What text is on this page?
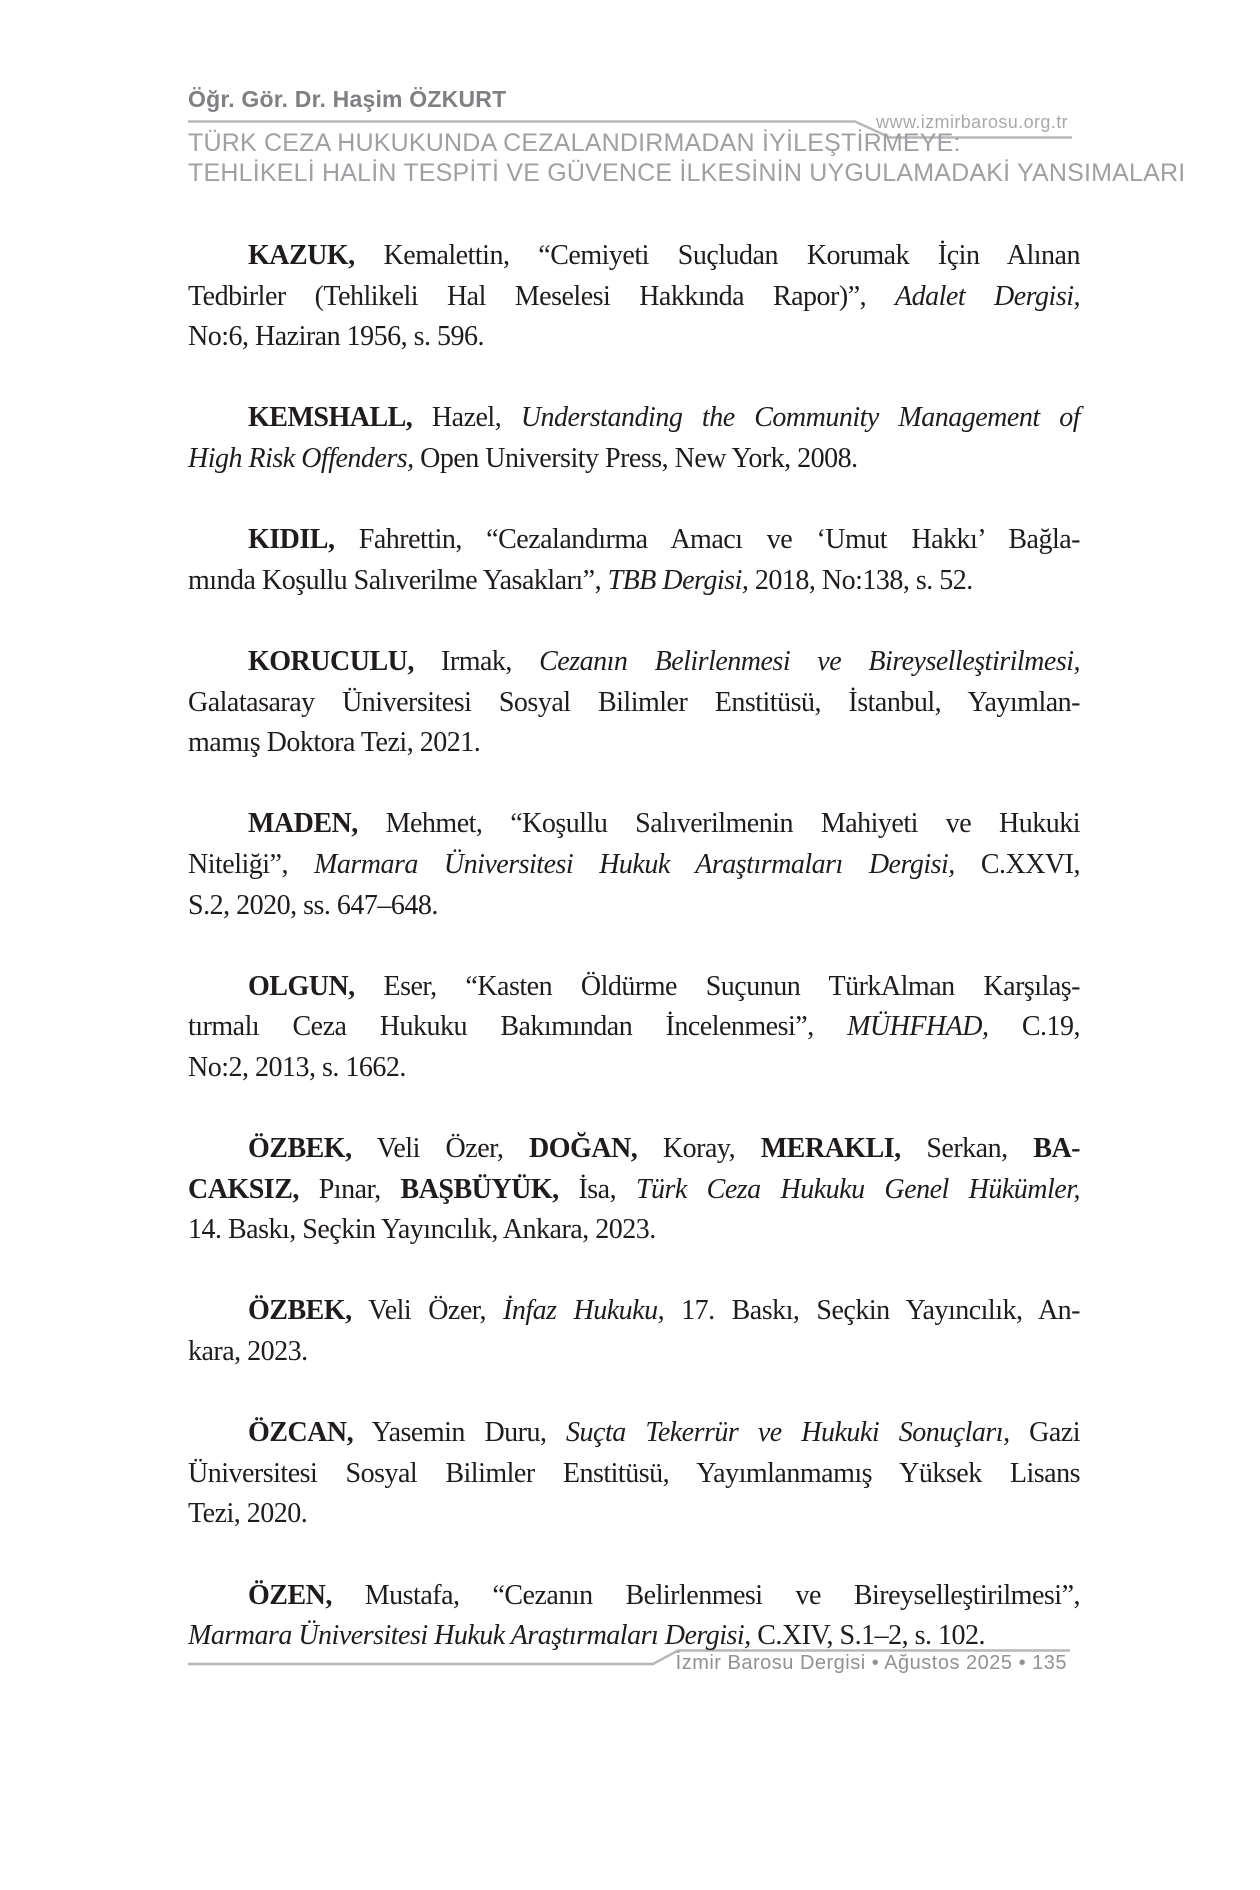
Öğr. Gör. Dr. Haşim ÖZKURT
www.izmirbarosu.org.tr
TÜRK CEZA HUKUKUNDA CEZALANDIRMADAN İYİLEŞTİRMEYE:
TEHLİKELİ HALİN TESPİTİ VE GÜVENCE İLKESİNİN UYGULAMADAKİ YANSIMALARI
KAZUK, Kemalettin, “Cemiyeti Suçludan Korumak İçin Alınan
Tedbirler (Tehlikeli Hal Meselesi Hakkında Rapor)”, Adalet Dergisi,
No:6, Haziran 1956, s. 596.
KEMSHALL, Hazel, Understanding the Community Management of
High Risk Offenders, Open University Press, New York, 2008.
KIDIL, Fahrettin, “Cezalandırma Amacı ve ‘Umut Hakkı’ Bağla-
mında Koşullu Salıverilme Yasakları”, TBB Dergisi, 2018, No:138, s. 52.
KORUCULU, Irmak, Cezanın Belirlenmesi ve Bireyselleştirilmesi,
Galatasaray Üniversitesi Sosyal Bilimler Enstitüsü, İstanbul, Yayımlan-
mamış Doktora Tezi, 2021.
MADEN, Mehmet, “Koşullu Salıverilmenin Mahiyeti ve Hukuki
Niteliği”, Marmara Üniversitesi Hukuk Araştırmaları Dergisi, C.XXVI,
S.2, 2020, ss. 647–648.
OLGUN, Eser, “Kasten Öldürme Suçunun TürkAlman Karşılaş-
tırmalı Ceza Hukuku Bakımından İncelenmesi”, MÜHFHAD, C.19,
No:2, 2013, s. 1662.
ÖZBEK, Veli Özer, DOĞAN, Koray, MERAKLI, Serkan, BA-
CAKSIZ, Pınar, BAŞBÜYÜK, İsa, Türk Ceza Hukuku Genel Hükümler,
14. Baskı, Seçkin Yayıncılık, Ankara, 2023.
ÖZBEK, Veli Özer, İnfaz Hukuku, 17. Baskı, Seçkin Yayıncılık, An-
kara, 2023.
ÖZCAN, Yasemin Duru, Suçta Tekerrür ve Hukuki Sonuçları, Gazi
Üniversitesi Sosyal Bilimler Enstitüsü, Yayımlanmamış Yüksek Lisans
Tezi, 2020.
ÖZEN, Mustafa, “Cezanın Belirlenmesi ve Bireyselleştirilmesi”,
Marmara Üniversitesi Hukuk Araştırmaları Dergisi, C.XIV, S.1–2, s. 102.
İzmir Barosu Dergisi • Ağustos 2025 • 135
